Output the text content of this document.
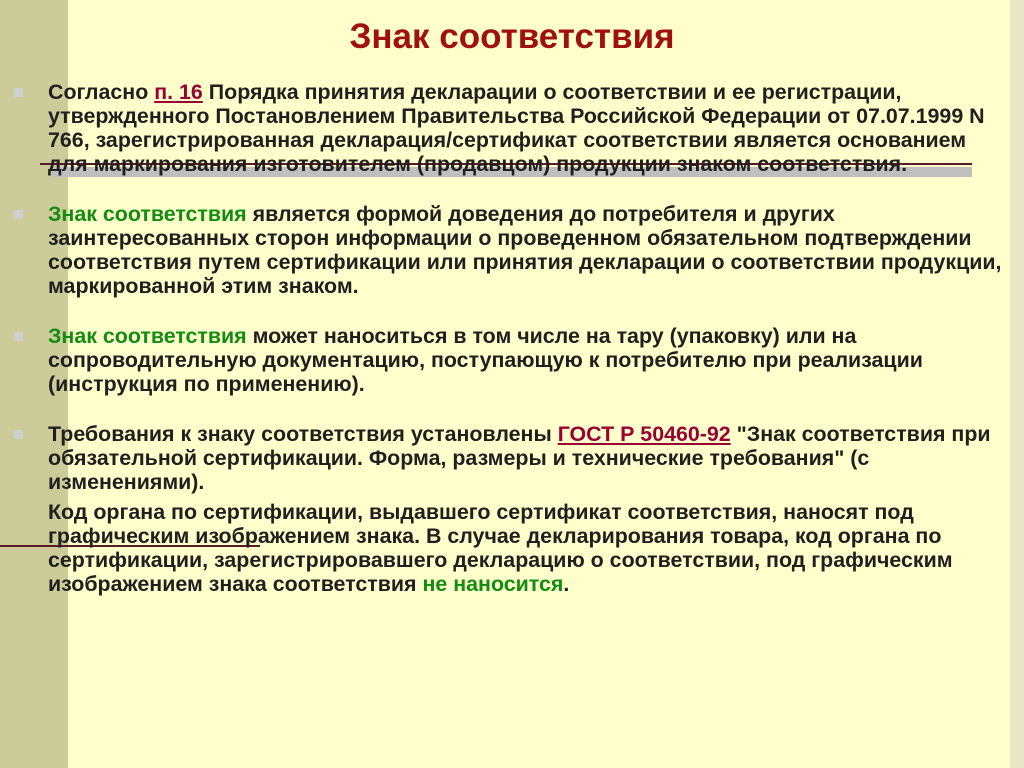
Знак соответствия

Согласно п. 16 Порядка принятия декларации о соответствии и ее регистрации, утвержденного Постановлением Правительства Российской Федерации от 07.07.1999 N 766, зарегистрированная декларация/сертификат соответствии является основанием для маркирования изготовителем (продавцом) продукции знаком соответствия.

Знак соответствия является формой доведения до потребителя и других заинтересованных сторон информации о проведенном обязательном подтверждении соответствия путем сертификации или принятия декларации о соответствии продукции, маркированной этим знаком.

Знак соответствия может наноситься в том числе на тару (упаковку) или на сопроводительную документацию, поступающую к потребителю при реализации (инструкция по применению).

Требования к знаку соответствия установлены ГОСТ Р 50460-92 "Знак соответствия при обязательной сертификации. Форма, размеры и технические требования" (с изменениями).

Код органа по сертификации, выдавшего сертификат соответствия, наносят под графическим изображением знака. В случае декларирования товара, код органа по сертификации, зарегистрировавшего декларацию о соответствии, под графическим изображением знака соответствия не наносится.
